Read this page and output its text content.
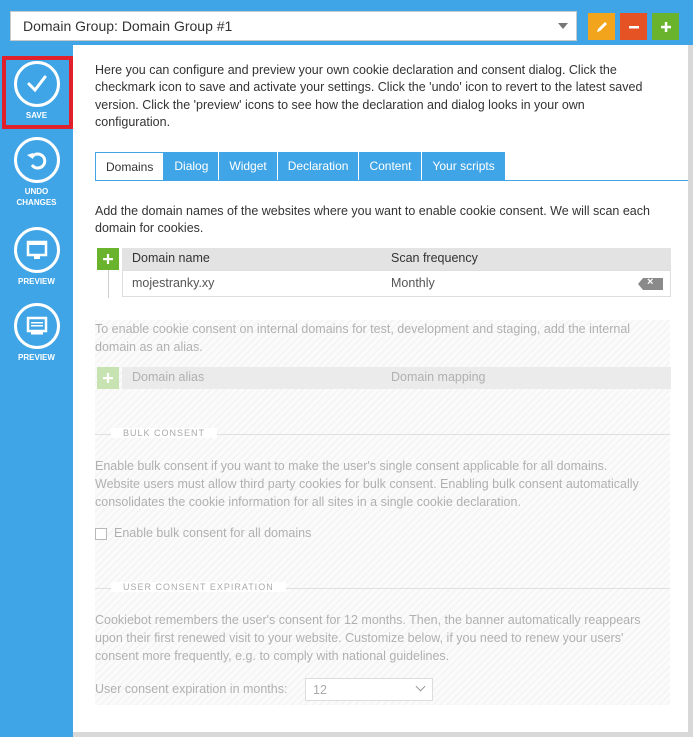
Domain Group: Domain Group #1
SAVE
UNDO CHANGES
PREVIEW
PREVIEW

Here you can configure and preview your own cookie declaration and consent dialog. Click the checkmark icon to save and activate your settings. Click the 'undo' icon to revert to the latest saved version. Click the 'preview' icons to see how the declaration and dialog looks in your own configuration.

Domains	Dialog	Widget	Declaration	Content	Your scripts

Add the domain names of the websites where you want to enable cookie consent. We will scan each domain for cookies.

Domain name	Scan frequency
mojestranky.xy	Monthly	×

To enable cookie consent on internal domains for test, development and staging, add the internal domain as an alias.

Domain alias	Domain mapping
BULK CONSENT

Enable bulk consent if you want to make the user's single consent applicable for all domains. Website users must allow third party cookies for bulk consent. Enabling bulk consent automatically consolidates the cookie information for all sites in a single cookie declaration.

Enable bulk consent for all domains
USER CONSENT EXPIRATION

Cookiebot remembers the user's consent for 12 months. Then, the banner automatically reappears upon their first renewed visit to your website. Customize below, if you need to renew your users' consent more frequently, e.g. to comply with national guidelines.

User consent expiration in months: 12
